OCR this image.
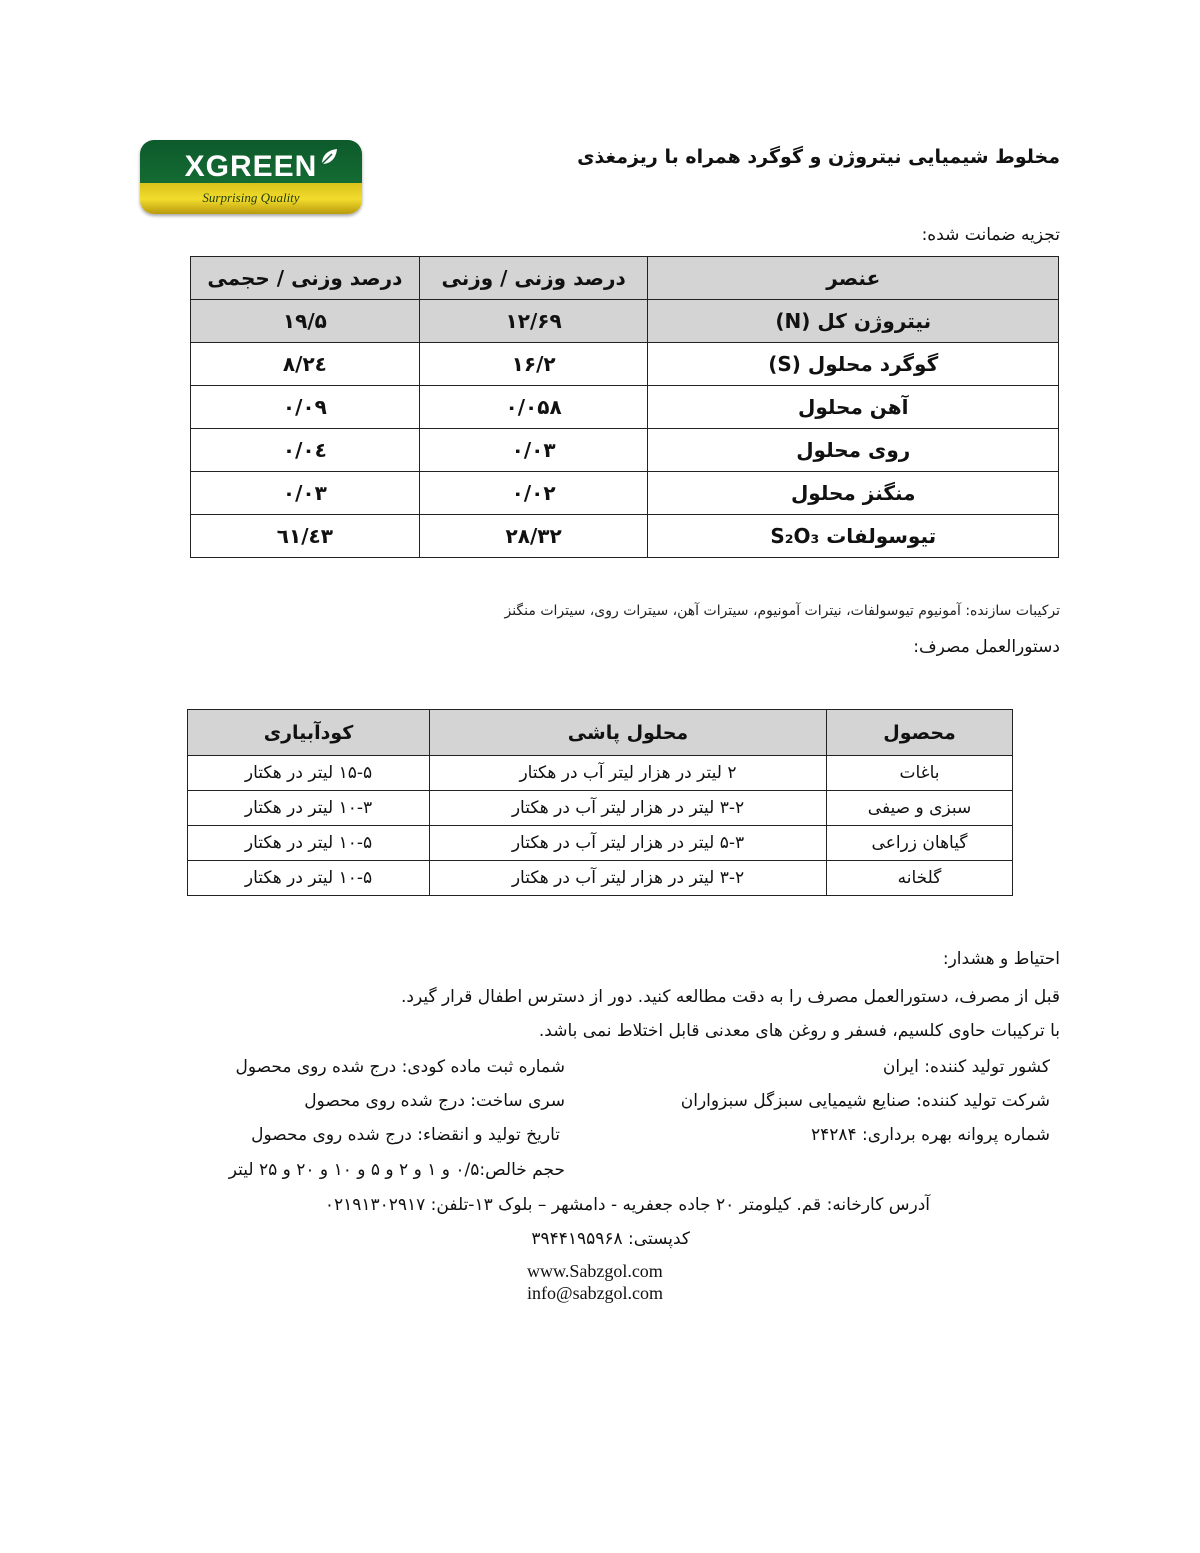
مخلوط شیمیایی نیتروژن و گوگرد همراه با ریزمغذی
XGREEN
Surprising Quality
تجزیه ضمانت شده:
عنصر	درصد وزنی / وزنی	درصد وزنی / حجمی
نیتروژن کل (N)	۱۲/۶۹	۱۹/۵
گوگرد محلول (S)	۱۶/۲	۲٤/۸
آهن محلول	۰/۰۵۸	۰/۰۹
روی محلول	۰/۰۳	۰/۰٤
منگنز محلول	۰/۰۲	۰/۰۳
تیوسولفات S₂O₃	۲۸/۳۲	٤۳/٦۱
ترکیبات سازنده: آمونیوم تیوسولفات، نیترات آمونیوم، سیترات آهن، سیترات روی، سیترات منگنز
دستورالعمل مصرف:
محصول	محلول پاشی	کودآبیاری
باغات	۲ لیتر در هزار لیتر آب در هکتار	۱۵-۵ لیتر در هکتار
سبزی و صیفی	۳-۲ لیتر در هزار لیتر آب در هکتار	۱۰-۳ لیتر در هکتار
گیاهان زراعی	۵-۳ لیتر در هزار لیتر آب در هکتار	۱۰-۵ لیتر در هکتار
گلخانه	۳-۲ لیتر در هزار لیتر آب در هکتار	۱۰-۵ لیتر در هکتار
احتیاط و هشدار:
قبل از مصرف، دستورالعمل مصرف را به دقت مطالعه کنید. دور از دسترس اطفال قرار گیرد.
با ترکیبات حاوی کلسیم، فسفر و روغن های معدنی قابل اختلاط نمی باشد.
کشور تولید کننده: ایران
شرکت تولید کننده: صنایع شیمیایی سبزگل سبزواران
شماره پروانه بهره برداری: ۲۴۲۸۴
شماره ثبت ماده کودی: درج شده روی محصول
سری ساخت: درج شده روی محصول
تاریخ تولید و انقضاء: درج شده روی محصول
حجم خالص:۰/۵ و ۱ و ۲ و ۵ و ۱۰ و ۲۰ و ۲۵ لیتر
آدرس کارخانه: قم. کیلومتر ۲۰ جاده جعفریه - دامشهر – بلوک ۱۳-تلفن: ۰۲۱۹۱۳۰۲۹۱۷
کدپستی: ۳۹۴۴۱۹۵۹۶۸
www.Sabzgol.com
info@sabzgol.com
